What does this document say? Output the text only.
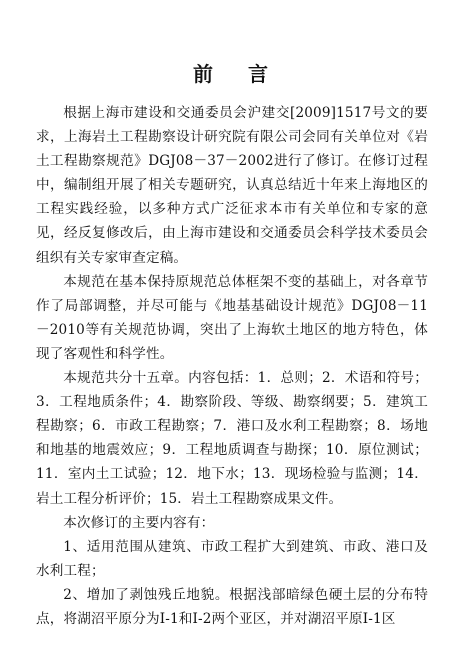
前 言

根据上海市建设和交通委员会沪建交[2009]1517号文的要求，上海岩土工程勘察设计研究院有限公司会同有关单位对《岩土工程勘察规范》DGJ08－37－2002进行了修订。在修订过程中，编制组开展了相关专题研究，认真总结近十年来上海地区的工程实践经验，以多种方式广泛征求本市有关单位和专家的意见，经反复修改后，由上海市建设和交通委员会科学技术委员会组织有关专家审查定稿。

本规范在基本保持原规范总体框架不变的基础上，对各章节作了局部调整，并尽可能与《地基基础设计规范》DGJ08－11－2010等有关规范协调，突出了上海软土地区的地方特色，体现了客观性和科学性。

本规范共分十五章。内容包括：1．总则；2．术语和符号；3．工程地质条件；4．勘察阶段、等级、勘察纲要；5．建筑工程勘察；6．市政工程勘察；7．港口及水利工程勘察；8．场地和地基的地震效应；9．工程地质调查与勘探；10．原位测试；11．室内土工试验；12．地下水；13．现场检验与监测；14．岩土工程分析评价；15．岩土工程勘察成果文件。

本次修订的主要内容有：

1、适用范围从建筑、市政工程扩大到建筑、市政、港口及水利工程；

2、增加了剥蚀残丘地貌。根据浅部暗绿色硬土层的分布特点，将湖沼平原分为Ⅰ-1和Ⅰ-2两个亚区，并对湖沼平原Ⅰ-1区
